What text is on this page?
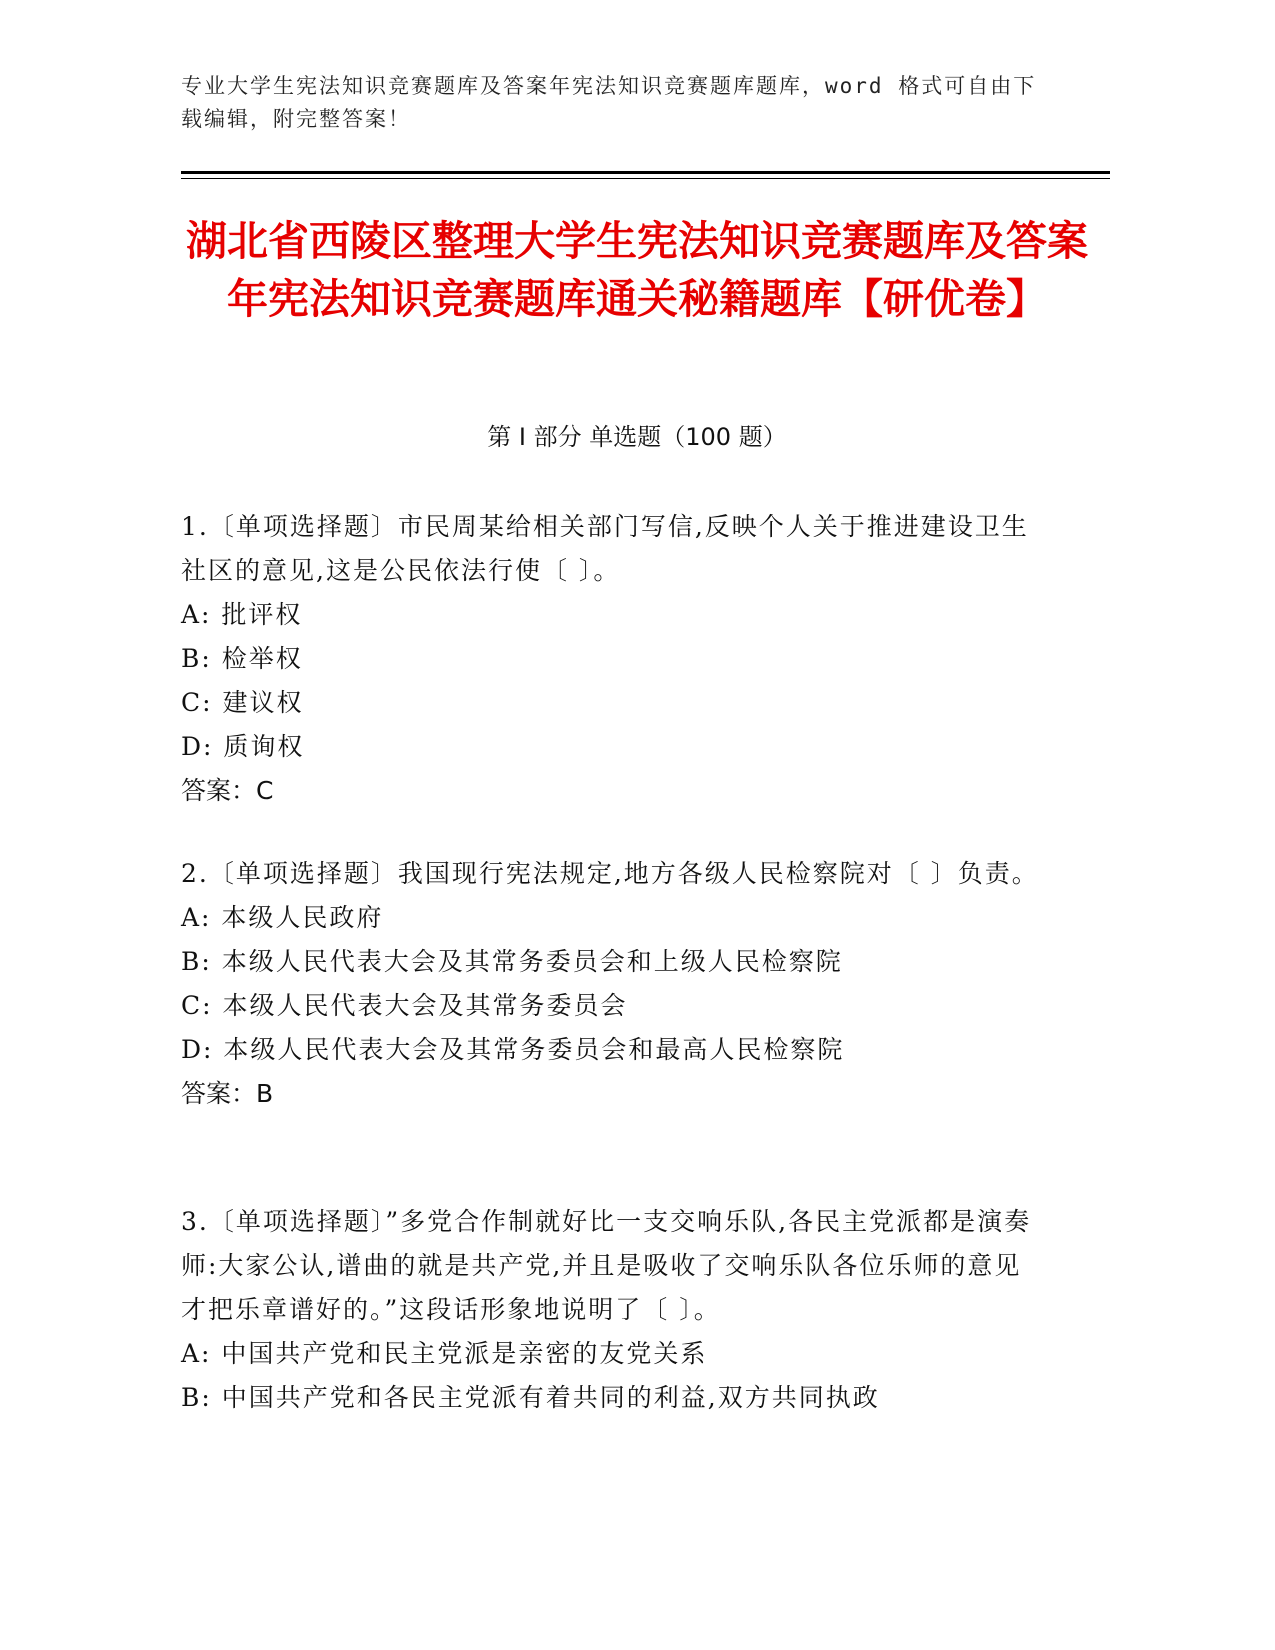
专业大学生宪法知识竞赛题库及答案年宪法知识竞赛题库题库，word 格式可自由下载编辑，附完整答案！
湖北省西陵区整理大学生宪法知识竞赛题库及答案年宪法知识竞赛题库通关秘籍题库【研优卷】
第 I 部分 单选题（100 题）
1.〔单项选择题〕市民周某给相关部门写信,反映个人关于推进建设卫生社区的意见,这是公民依法行使〔 〕。
A: 批评权
B: 检举权
C: 建议权
D: 质询权
答案：C
2.〔单项选择题〕我国现行宪法规定,地方各级人民检察院对〔 〕负责。
A: 本级人民政府
B: 本级人民代表大会及其常务委员会和上级人民检察院
C: 本级人民代表大会及其常务委员会
D: 本级人民代表大会及其常务委员会和最高人民检察院
答案：B
3.〔单项选择题〕”多党合作制就好比一支交响乐队,各民主党派都是演奏师:大家公认,谱曲的就是共产党,并且是吸收了交响乐队各位乐师的意见才把乐章谱好的。”这段话形象地说明了〔 〕。
A: 中国共产党和民主党派是亲密的友党关系
B: 中国共产党和各民主党派有着共同的利益,双方共同执政
